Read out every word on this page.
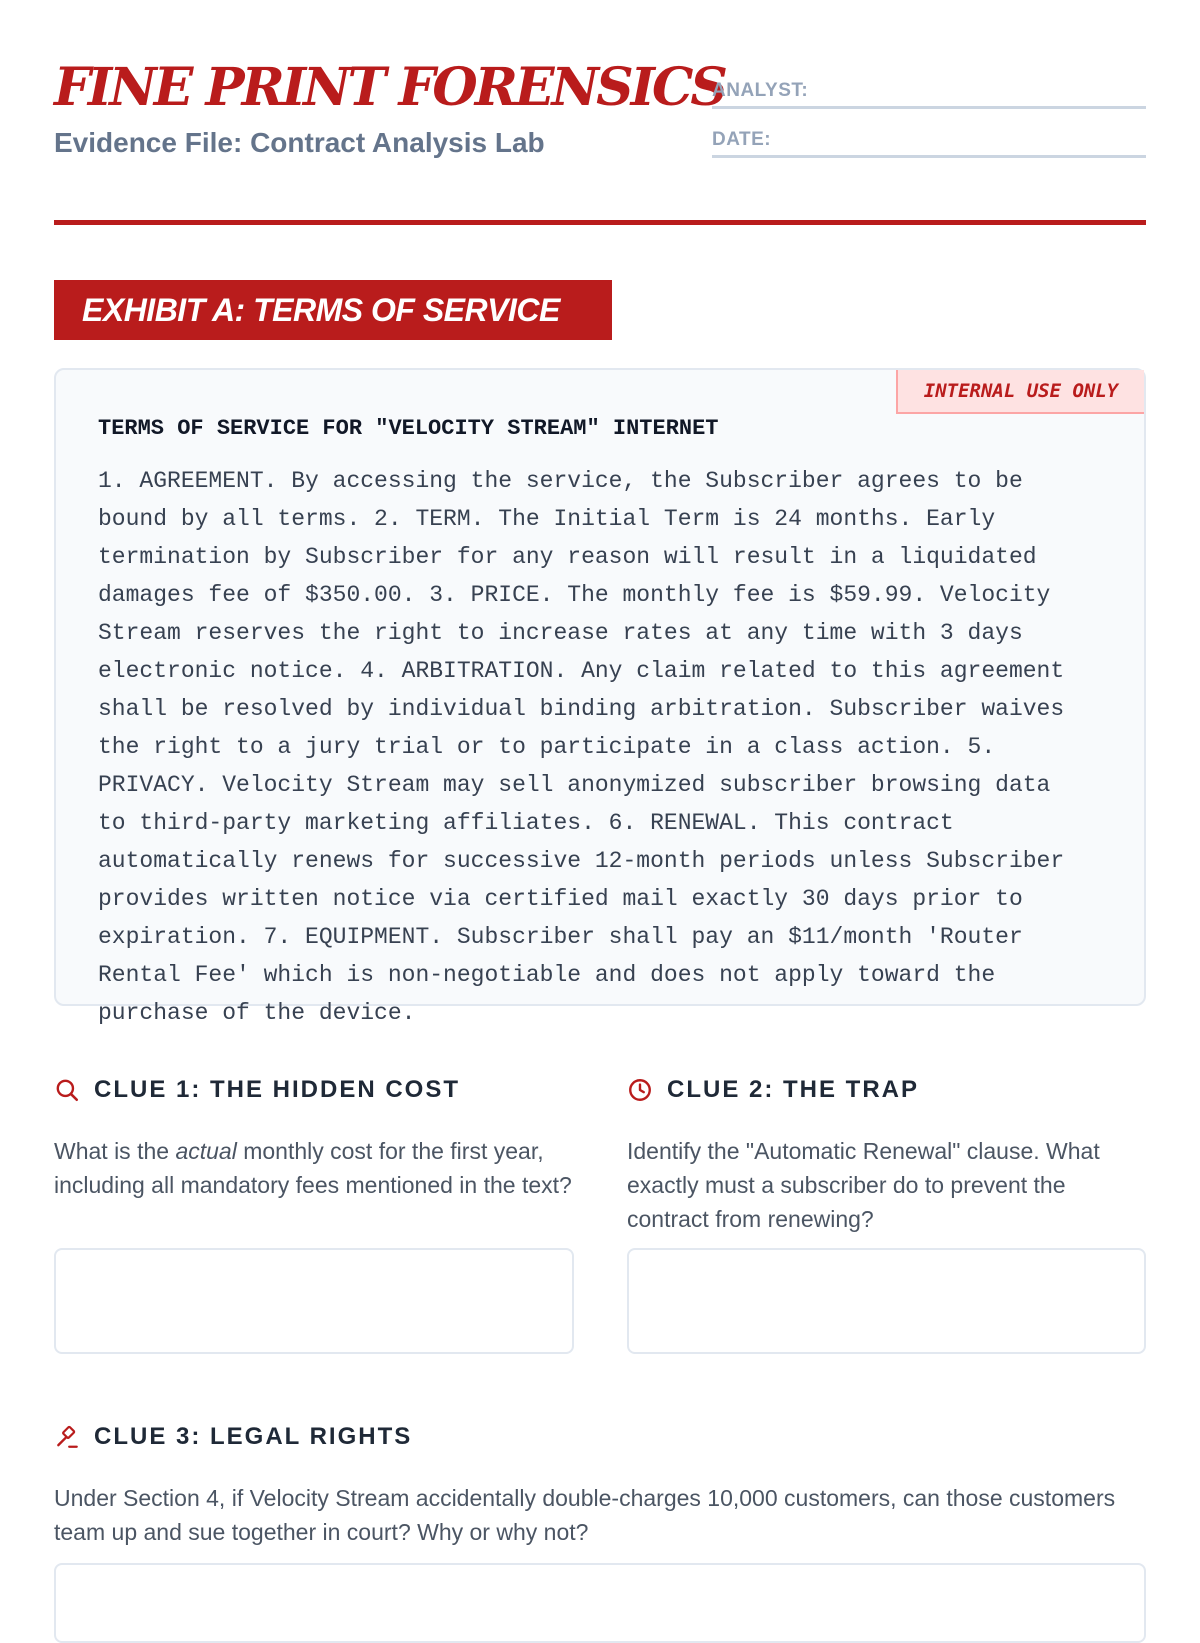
FINE PRINT FORENSICS
Evidence File: Contract Analysis Lab
ANALYST:
DATE:
EXHIBIT A: TERMS OF SERVICE
INTERNAL USE ONLY
TERMS OF SERVICE FOR "VELOCITY STREAM" INTERNET
1. AGREEMENT. By accessing the service, the Subscriber agrees to be
bound by all terms. 2. TERM. The Initial Term is 24 months. Early
termination by Subscriber for any reason will result in a liquidated
damages fee of $350.00. 3. PRICE. The monthly fee is $59.99. Velocity
Stream reserves the right to increase rates at any time with 3 days
electronic notice. 4. ARBITRATION. Any claim related to this agreement
shall be resolved by individual binding arbitration. Subscriber waives
the right to a jury trial or to participate in a class action. 5.
PRIVACY. Velocity Stream may sell anonymized subscriber browsing data
to third-party marketing affiliates. 6. RENEWAL. This contract
automatically renews for successive 12-month periods unless Subscriber
provides written notice via certified mail exactly 30 days prior to
expiration. 7. EQUIPMENT. Subscriber shall pay an $11/month 'Router
Rental Fee' which is non-negotiable and does not apply toward the
purchase of the device.
CLUE 1: THE HIDDEN COST
What is the actual monthly cost for the first year, including all mandatory fees mentioned in the text?
CLUE 2: THE TRAP
Identify the "Automatic Renewal" clause. What exactly must a subscriber do to prevent the contract from renewing?
CLUE 3: LEGAL RIGHTS
Under Section 4, if Velocity Stream accidentally double-charges 10,000 customers, can those customers team up and sue together in court? Why or why not?
